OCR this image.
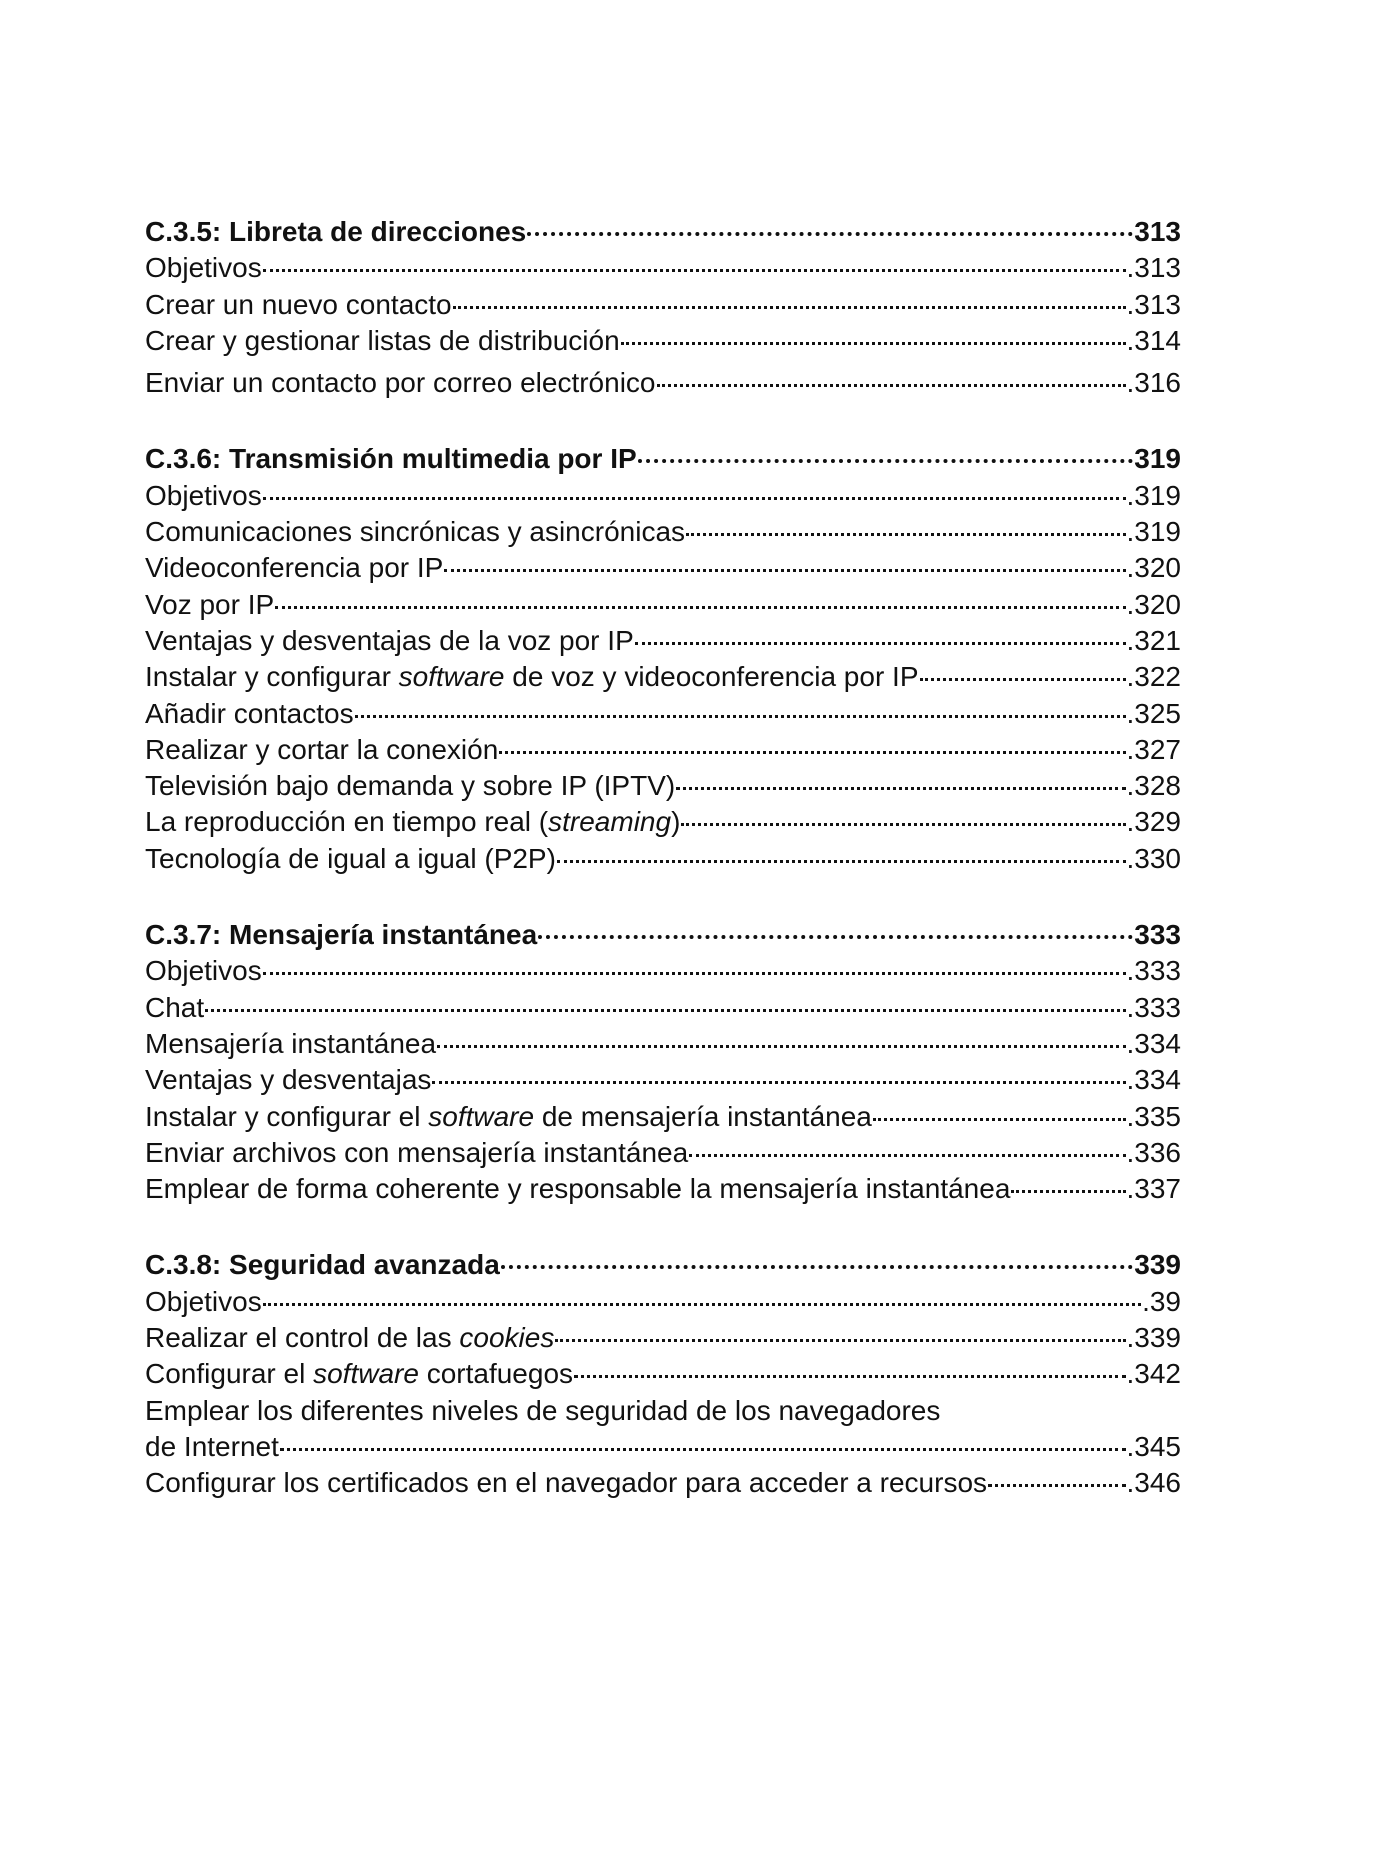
C.3.5: Libreta de direcciones	313
Objetivos	.313
Crear un nuevo contacto	.313
Crear y gestionar listas de distribución	.314
Enviar un contacto por correo electrónico	.316
C.3.6: Transmisión multimedia por IP	319
Objetivos	.319
Comunicaciones sincrónicas y asincrónicas	.319
Videoconferencia por IP	.320
Voz por IP	.320
Ventajas y desventajas de la voz por IP	.321
Instalar y configurar software de voz y videoconferencia por IP	.322
Añadir contactos	.325
Realizar y cortar la conexión	.327
Televisión bajo demanda y sobre IP (IPTV)	.328
La reproducción en tiempo real (streaming)	.329
Tecnología de igual a igual (P2P)	.330
C.3.7: Mensajería instantánea	333
Objetivos	.333
Chat	.333
Mensajería instantánea	.334
Ventajas y desventajas	.334
Instalar y configurar el software de mensajería instantánea	.335
Enviar archivos con mensajería instantánea	.336
Emplear de forma coherente y responsable la mensajería instantánea	.337
C.3.8: Seguridad avanzada	339
Objetivos	.39
Realizar el control de las cookies	.339
Configurar el software cortafuegos	.342
Emplear los diferentes niveles de seguridad de los navegadores
de Internet	.345
Configurar los certificados en el navegador para acceder a recursos	.346
